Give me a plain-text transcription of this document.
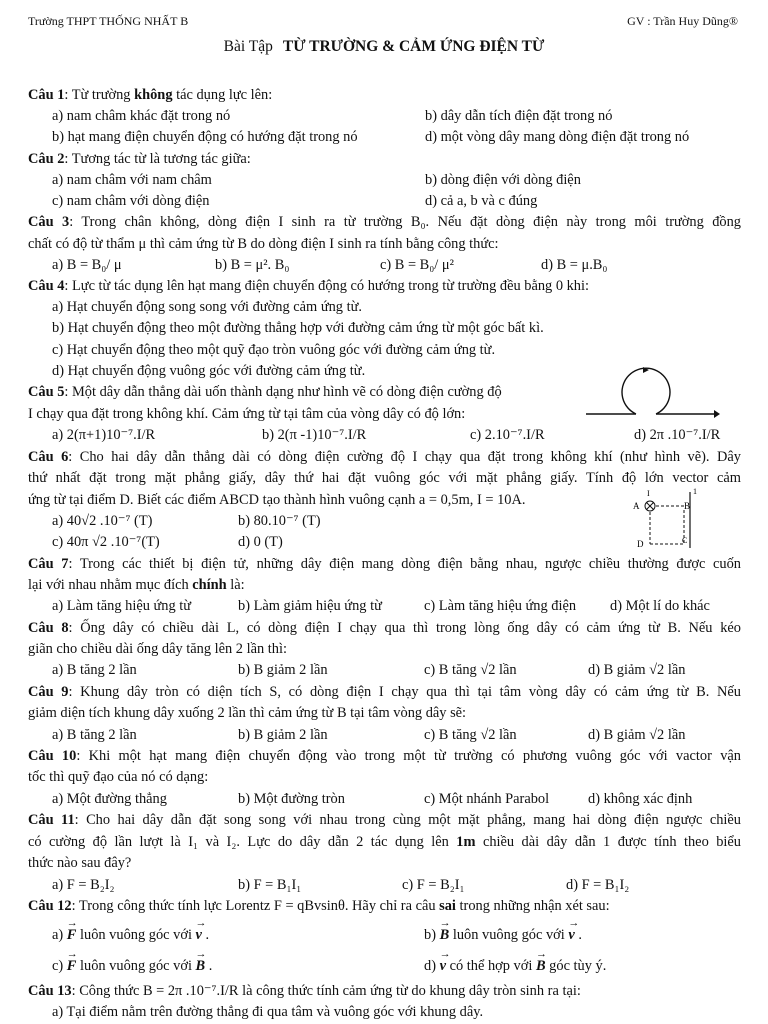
Trường THPT THỐNG NHẤT B	GV : Trần Huy Dũng®
Bài Tập TỪ TRƯỜNG & CẢM ỨNG ĐIỆN TỪ
Câu 1: Từ trường không tác dụng lực lên:
a) nam châm khác đặt trong nó	b) dây dẫn tích điện đặt trong nó
b) hạt mang điện chuyển động có hướng đặt trong nó	d) một vòng dây mang dòng điện đặt trong nó
Câu 2: Tương tác từ là tương tác giữa:
a) nam châm với nam châm	b) dòng điện với dòng điện
c) nam châm với dòng điện	d) cả a, b và c đúng
Câu 3: Trong chân không, dòng điện I sinh ra từ trường B₀. Nếu đặt dòng điện này trong môi trường đồng
chất có độ từ thẩm μ thì cảm ứng từ B do dòng điện I sinh ra tính bằng công thức:
a) B = B₀/ μ	b) B = μ². B₀	c) B = B₀/ μ²	d) B = μ.B₀
Câu 4: Lực từ tác dụng lên hạt mang điện chuyển động có hướng trong từ trường đều bằng 0 khi:
a) Hạt chuyển động song song với đường cảm ứng từ.
b) Hạt chuyển động theo một đường thẳng hợp với đường cảm ứng từ một góc bất kì.
c) Hạt chuyển động theo một quỹ đạo tròn vuông góc với đường cảm ứng từ.
d) Hạt chuyển động vuông góc với đường cảm ứng từ.
Câu 5: Một dây dẫn thẳng dài uốn thành dạng như hình vẽ có dòng điện cường độ
I chạy qua đặt trong không khí. Cảm ứng từ tại tâm của vòng dây có độ lớn:
a) 2(π+1)10⁻⁷.I/R	b) 2(π -1)10⁻⁷.I/R	c) 2.10⁻⁷.I/R	d) 2π .10⁻⁷.I/R
Câu 6: Cho hai dây dẫn thẳng dài có dòng điện cường độ I chạy qua đặt trong không khí (như hình vẽ). Dây
thứ nhất đặt trong mặt phẳng giấy, dây thứ hai đặt vuông góc với mặt phẳng giấy. Tính độ lớn vector cảm
ứng từ tại điểm D. Biết các điểm ABCD tạo thành hình vuông cạnh a = 0,5m, I = 10A.	A
I
B
D	C
1
a) 40√2 .10⁻⁷ (T)	b) 80.10⁻⁷ (T)
c) 40π √2 .10⁻⁷(T)	d) 0 (T)
Câu 7: Trong các thiết bị điện tử, những dây điện mang dòng điện bằng nhau, ngược chiều thường được cuốn
lại với nhau nhằm mục đích chính là:
a) Làm tăng hiệu ứng từ	b) Làm giảm hiệu ứng từ	c) Làm tăng hiệu ứng điện d) Một lí do khác
Câu 8: Ống dây có chiều dài L, có dòng điện I chạy qua thì trong lòng ống dây có cảm ứng từ B. Nếu kéo
giãn cho chiều dài ống dây tăng lên 2 lần thì:
a) B tăng 2 lần	b) B giảm 2 lần	c) B tăng √2 lần	d) B giảm √2 lần
Câu 9: Khung dây tròn có diện tích S, có dòng điện I chạy qua thì tại tâm vòng dây có cảm ứng từ B. Nếu
giảm diện tích khung dây xuống 2 lần thì cảm ứng từ B tại tâm vòng dây sẽ:
a) B tăng 2 lần	b) B giảm 2 lần	c) B tăng √2 lần	d) B giảm √2 lần
Câu 10: Khi một hạt mang điện chuyển động vào trong một từ trường có phương vuông góc với vactor vận
tốc thì quỹ đạo của nó có dạng:
a) Một đường thẳng	b) Một đường tròn	c) Một nhánh Parabol	d) không xác định
Câu 11: Cho hai dây dẫn đặt song song với nhau trong cùng một mặt phẳng, mang hai dòng điện ngược chiều
có cường độ lần lượt là I₁ và I₂. Lực do dây dẫn 2 tác dụng lên 1m chiều dài dây dẫn 1 được tính theo biểu
thức nào sau đây?
a) F = B₂I₂	b) F = B₁I₁	c) F = B₂I₁	d) F = B₁I₂
Câu 12: Trong công thức tính lực Lorentz F = qBvsinθ. Hãy chỉ ra câu sai trong những nhận xét sau:
a) → F luôn vuông góc với → v .	b) → B luôn vuông góc với → v .
c) → F luôn vuông góc với → B .	d) → v có thể hợp với → B góc tùy ý.
Câu 13: Công thức B = 2π .10⁻⁷.I/R là công thức tính cảm ứng từ do khung dây tròn sinh ra tại:
a) Tại điểm nằm trên đường thẳng đi qua tâm và vuông góc với khung dây.
